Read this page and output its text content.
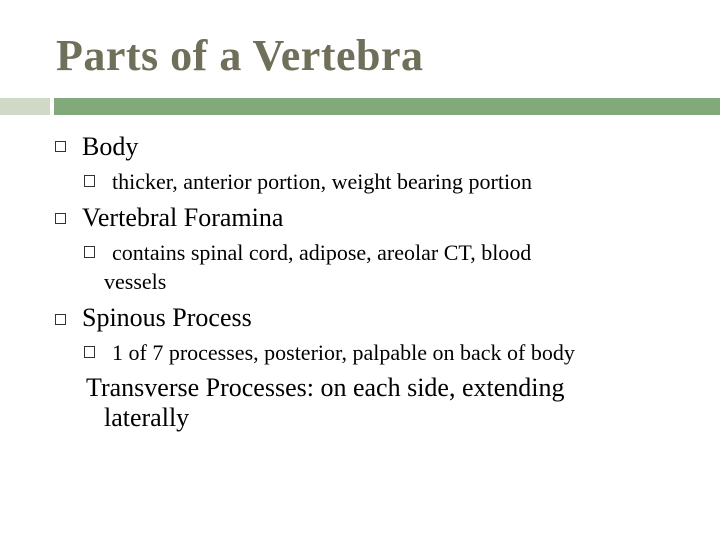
Parts of a Vertebra
Body
thicker, anterior portion, weight bearing portion
Vertebral Foramina
contains spinal cord, adipose, areolar CT, blood
vessels
Spinous Process
1 of 7 processes, posterior, palpable on back of body
Transverse Processes: on each side, extending
laterally
